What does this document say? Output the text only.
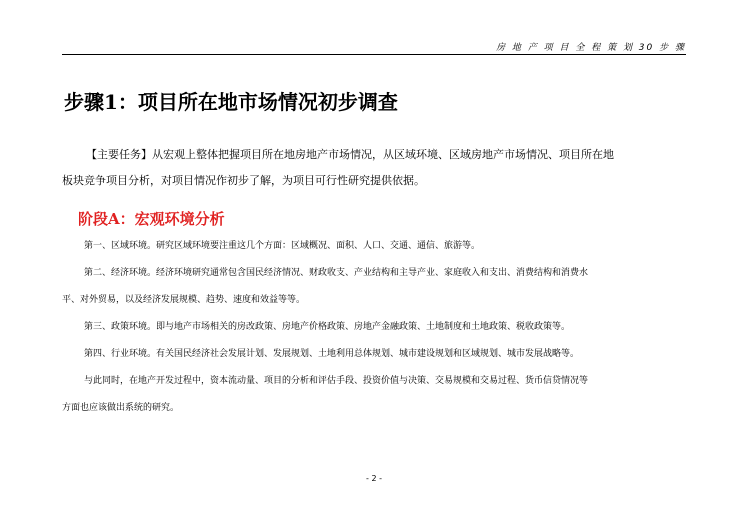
房 地 产 项 目 全 程 策 划 30 步 骤
步骤1：项目所在地市场情况初步调查
【主要任务】从宏观上整体把握项目所在地房地产市场情况，从区域环境、区域房地产市场情况、项目所在地
板块竞争项目分析，对项目情况作初步了解，为项目可行性研究提供依据。
阶段A：宏观环境分析
第一、区域环境。研究区域环境要注重这几个方面：区域概况、面积、人口、交通、通信、旅游等。
第二、经济环境。经济环境研究通常包含国民经济情况、财政收支、产业结构和主导产业、家庭收入和支出、消费结构和消费水
平、对外贸易，以及经济发展规模、趋势、速度和效益等等。
第三、政策环境。即与地产市场相关的房改政策、房地产价格政策、房地产金融政策、土地制度和土地政策、税收政策等。
第四、行业环境。有关国民经济社会发展计划、发展规划、土地利用总体规划、城市建设规划和区域规划、城市发展战略等。
与此同时，在地产开发过程中，资本流动量、项目的分析和评估手段、投资价值与决策、交易规模和交易过程、货币信贷情况等
方面也应该做出系统的研究。
- 2 -
